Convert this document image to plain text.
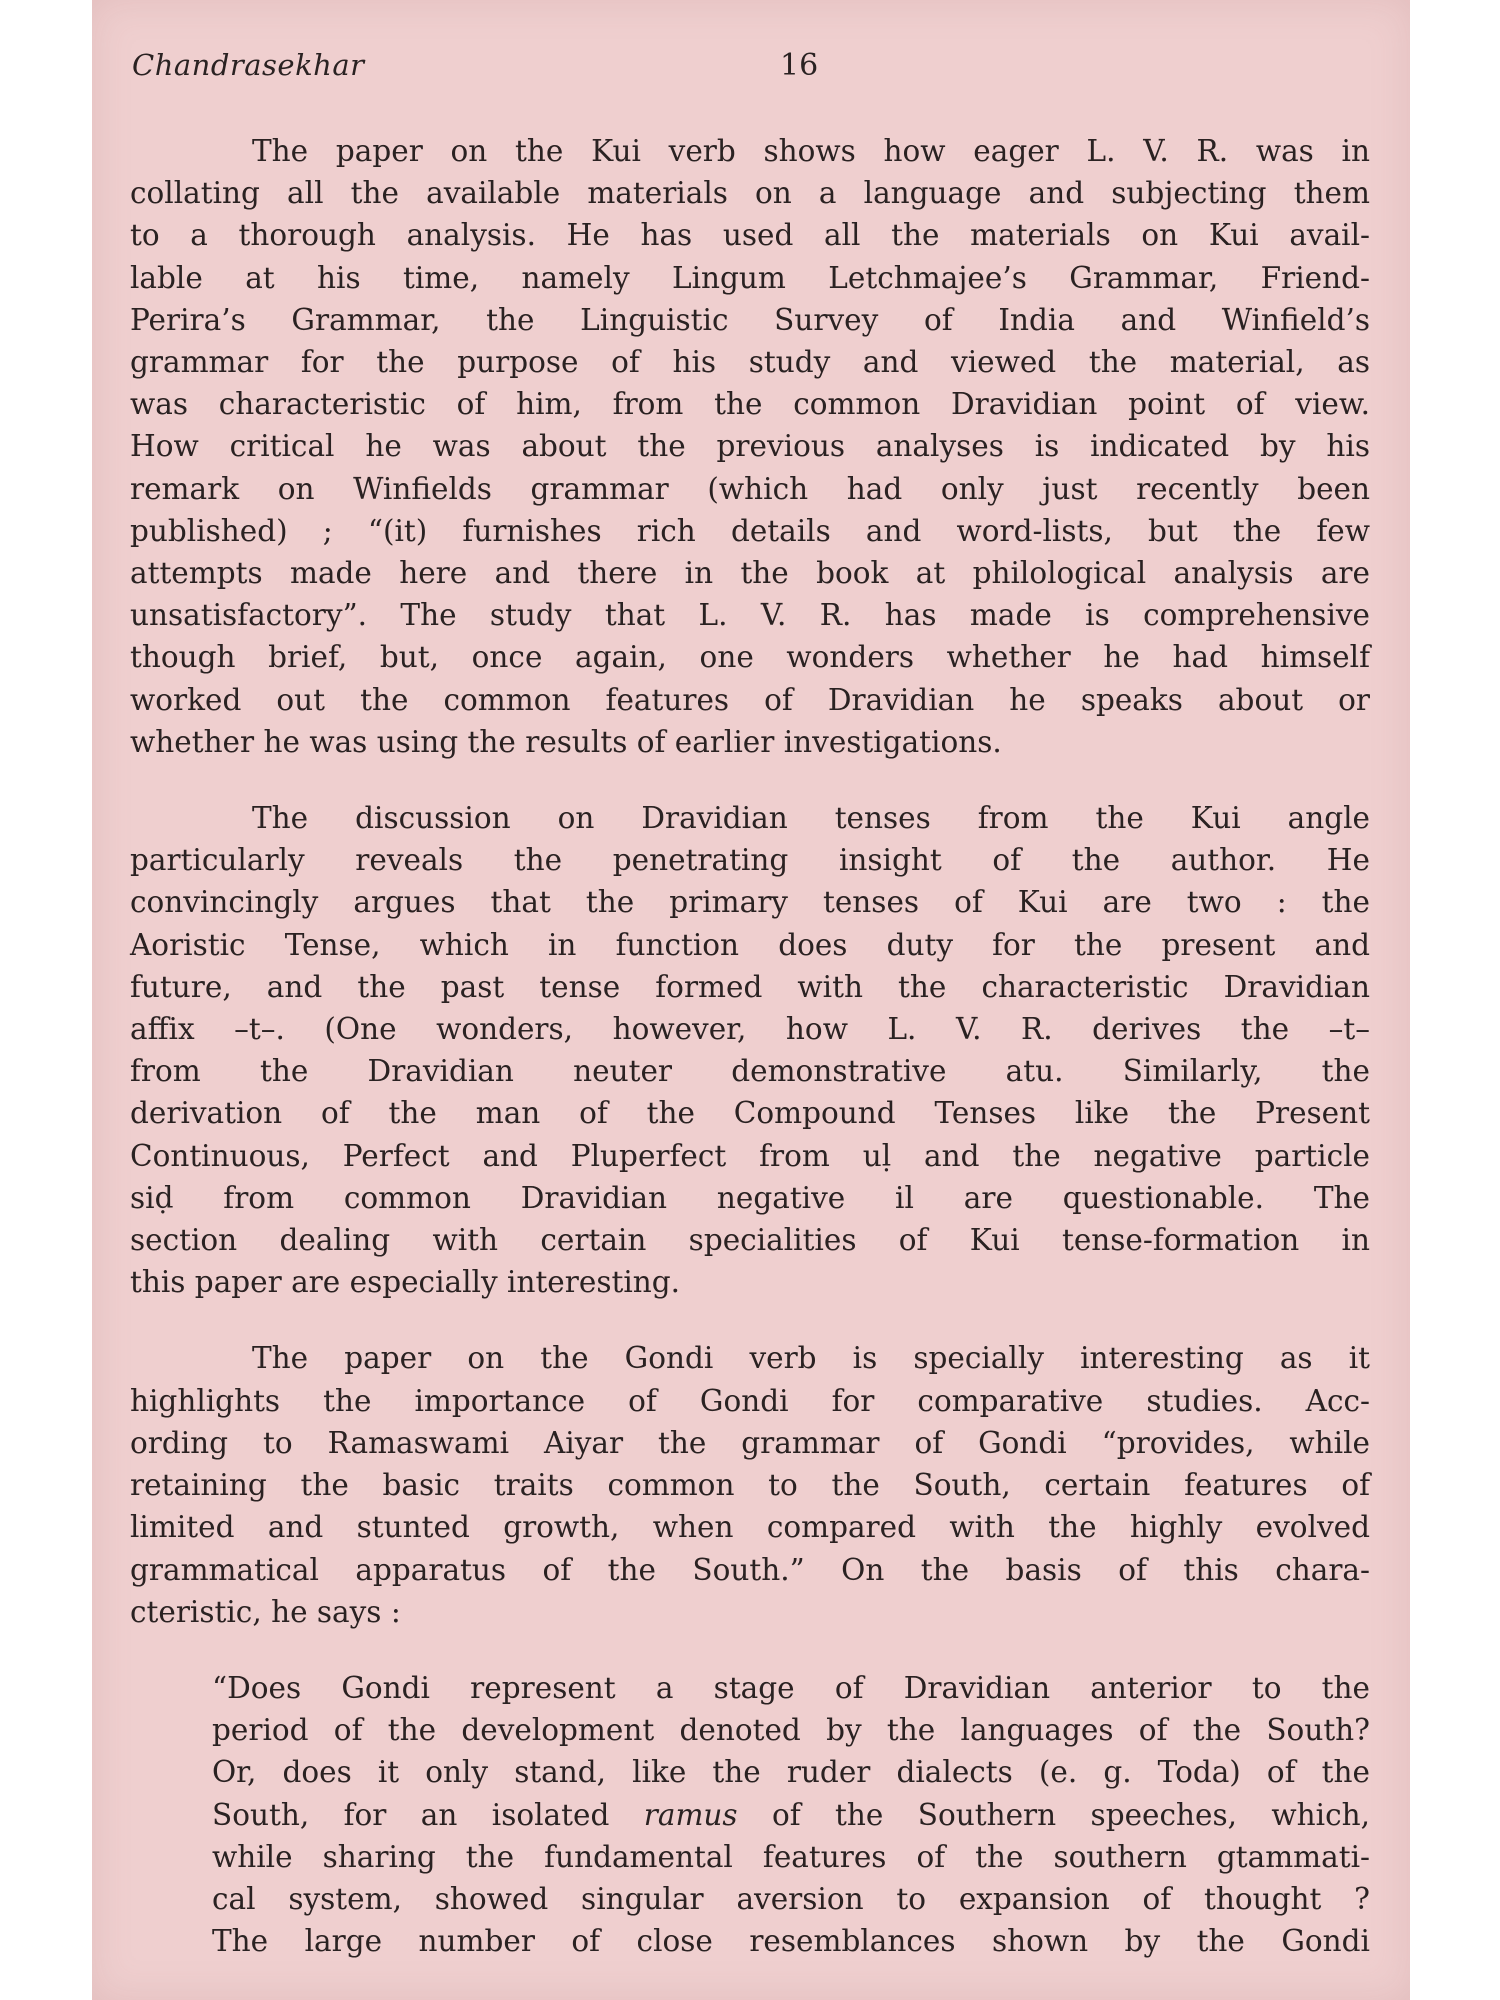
Chandrasekhar	16
The paper on the Kui verb shows how eager L. V. R. was in
collating all the available materials on a language and subjecting them
to a thorough analysis. He has used all the materials on Kui avail-
lable at his time, namely Lingum Letchmajee’s Grammar, Friend-
Perira’s Grammar, the Linguistic Survey of India and Winfield’s
grammar for the purpose of his study and viewed the material, as
was characteristic of him, from the common Dravidian point of view.
How critical he was about the previous analyses is indicated by his
remark on Winfields grammar (which had only just recently been
published) ; “(it) furnishes rich details and word-lists, but the few
attempts made here and there in the book at philological analysis are
unsatisfactory”. The study that L. V. R. has made is comprehensive
though brief, but, once again, one wonders whether he had himself
worked out the common features of Dravidian he speaks about or
whether he was using the results of earlier investigations.
The discussion on Dravidian tenses from the Kui angle
particularly reveals the penetrating insight of the author. He
convincingly argues that the primary tenses of Kui are two : the
Aoristic Tense, which in function does duty for the present and
future, and the past tense formed with the characteristic Dravidian
affix –t–. (One wonders, however, how L. V. R. derives the –t–
from the Dravidian neuter demonstrative atu. Similarly, the
derivation of the man of the Compound Tenses like the Present
Continuous, Perfect and Pluperfect from uḷ and the negative particle
siḍ from common Dravidian negative il are questionable. The
section dealing with certain specialities of Kui tense-formation in
this paper are especially interesting.
The paper on the Gondi verb is specially interesting as it
highlights the importance of Gondi for comparative studies. Acc-
ording to Ramaswami Aiyar the grammar of Gondi “provides, while
retaining the basic traits common to the South, certain features of
limited and stunted growth, when compared with the highly evolved
grammatical apparatus of the South.” On the basis of this chara-
cteristic, he says :
“Does Gondi represent a stage of Dravidian anterior to the
period of the development denoted by the languages of the South?
Or, does it only stand, like the ruder dialects (e. g. Toda) of the
South, for an isolated ramus of the Southern speeches, which,
while sharing the fundamental features of the southern gtammati-
cal system, showed singular aversion to expansion of thought ?
The large number of close resemblances shown by the Gondi
